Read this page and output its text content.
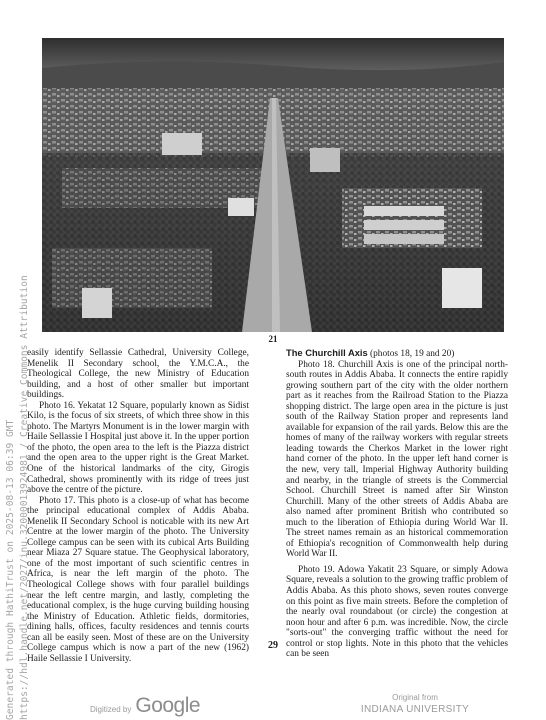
Generated through HathiTrust on 2025-08-13 06:39 GMT https://hdl.handle.net/2027/inu.32000013924981 / Creative Commons Attribution	21

easily identify Sellassie Cathedral, University College, Menelik II Secondary school, the Y.M.C.A., the Theological College, the new Ministry of Education building, and a host of other smaller but important buildings.

Photo 16. Yekatat 12 Square, popularly known as Sidist Kilo, is the focus of six streets, of which three show in this photo. The Martyrs Monument is in the lower margin with Haile Sellassie I Hospital just above it. In the upper portion of the photo, the open area to the left is the Piazza district and the open area to the upper right is the Great Market. One of the historical landmarks of the city, Girogis Cathedral, shows prominently with its ridge of trees just above the centre of the picture.

Photo 17. This photo is a close-up of what has become the principal educational complex of Addis Ababa. Menelik II Secondary School is noticable with its new Art Centre at the lower margin of the photo. The University College campus can be seen with its cubical Arts Building near Miaza 27 Square statue. The Geophysical laboratory, one of the most important of such scientific centres in Africa, is near the left margin of the photo. The Theological College shows with four parallel buildings near the left centre margin, and lastly, completing the educational complex, is the huge curving building housing the Ministry of Education. Athletic fields, dormitories, dining halls, offices, faculty residences and tennis courts can all be easily seen. Most of these are on the University College campus which is now a part of the new (1962) Haile Sellassie I University.

The Churchill Axis (photos 18, 19 and 20)

Photo 18. Churchill Axis is one of the principal north-south routes in Addis Ababa. It connects the entire rapidly growing southern part of the city with the older northern part as it reaches from the Railroad Station to the Piazza shopping district. The large open area in the picture is just south of the Railway Station proper and represents land available for expansion of the rail yards. Below this are the homes of many of the railway workers with regular streets leading towards the Cherkos Market in the lower right hand corner of the photo. In the upper left hand corner is the new, very tall, Imperial Highway Authority building and nearby, in the triangle of streets is the Commercial School. Churchill Street is named after Sir Winston Churchill. Many of the other streets of Addis Ababa are also named after prominent British who contributed so much to the liberation of Ethiopia during World War II. The street names remain as an historical commemoration of Ethiopia's recognition of Commonwealth help during World War II.

Photo 19. Adowa Yakatit 23 Square, or simply Adowa Square, reveals a solution to the growing traffic problem of Addis Ababa. As this photo shows, seven routes converge on this point as five main streets. Before the completion of the nearly oval roundabout (or circle) the congestion at noon hour and after 6 p.m. was incredible. Now, the circle "sorts-out" the converging traffic without the need for control or stop lights. Note in this photo that the vehicles can be seen

29
Digitized by Google	Original from
INDIANA UNIVERSITY
